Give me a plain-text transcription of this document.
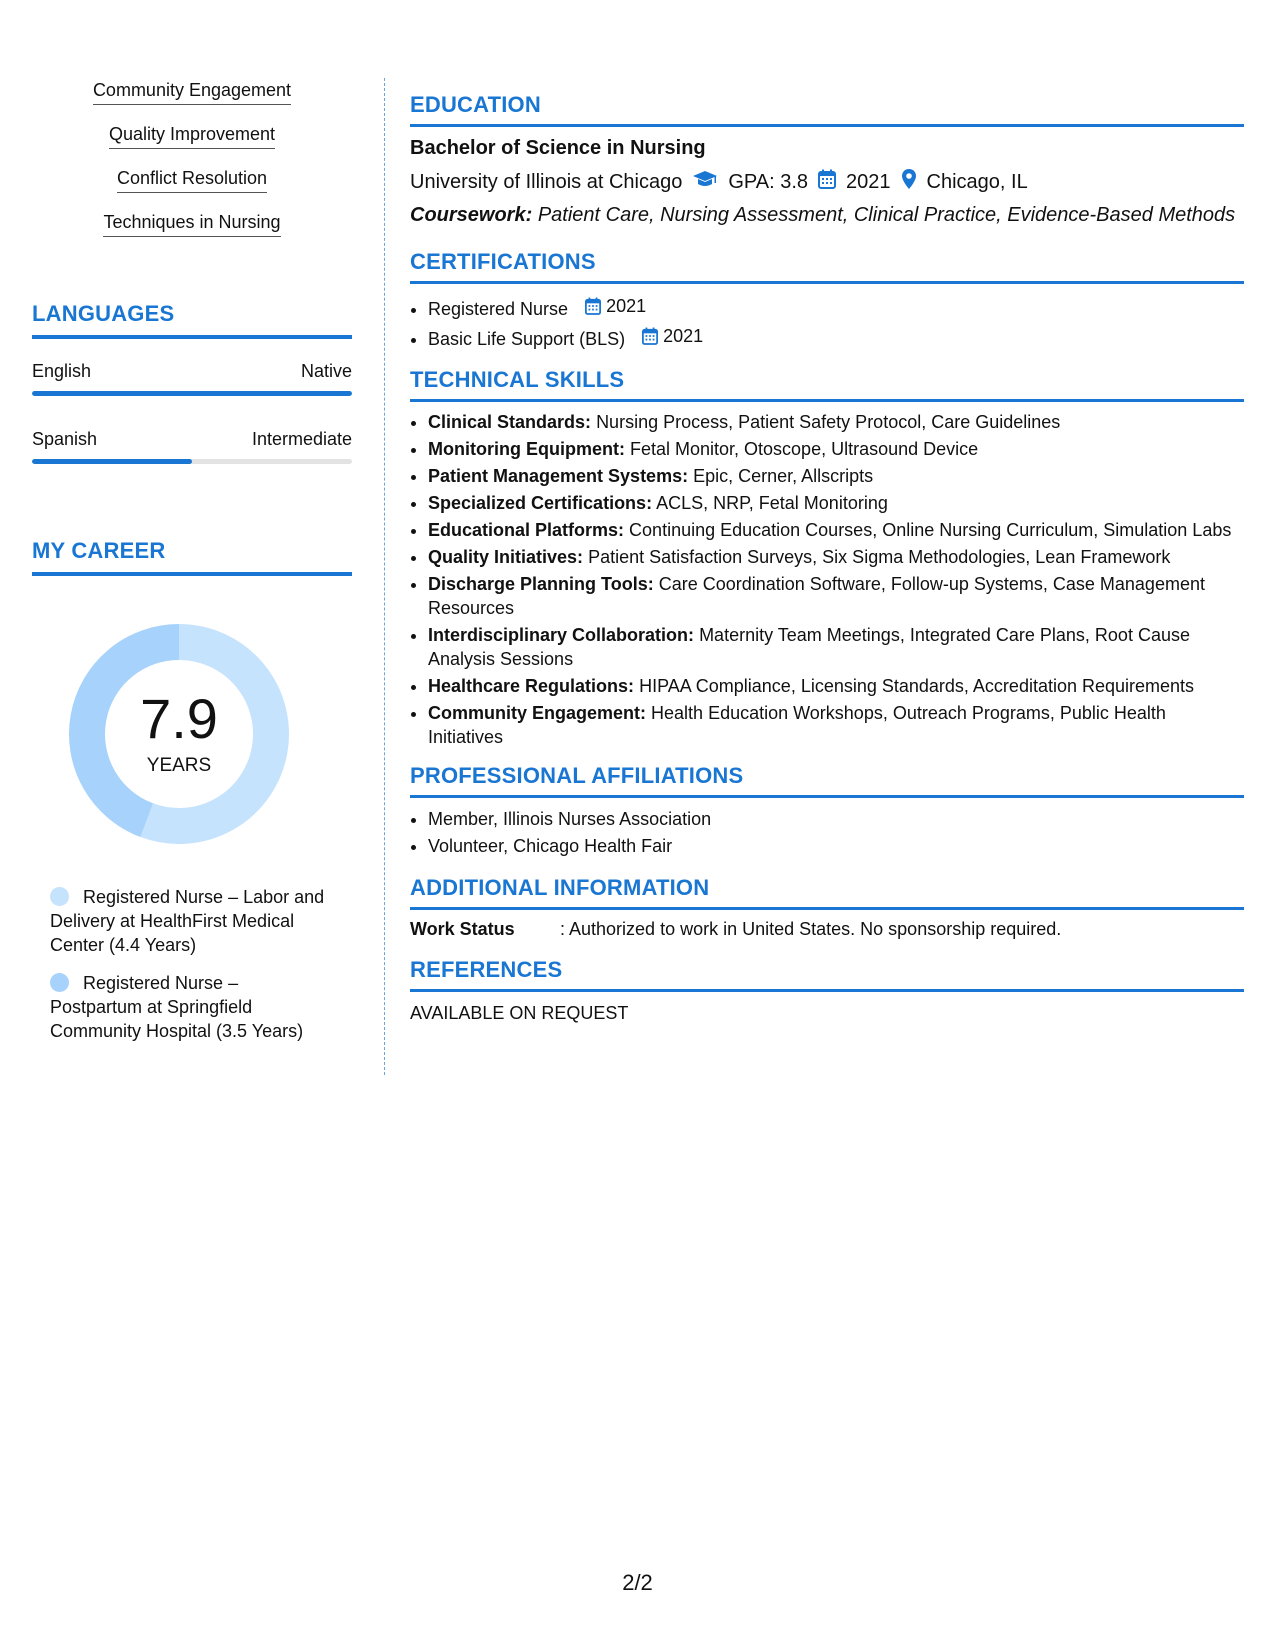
Community Engagement
Quality Improvement
Conflict Resolution
Techniques in Nursing
LANGUAGES
English	Native
Spanish	Intermediate
MY CAREER
7.9
YEARS
Registered Nurse – Labor and Delivery at HealthFirst Medical Center (4.4 Years)
Registered Nurse – Postpartum at Springfield Community Hospital (3.5 Years)
EDUCATION
Bachelor of Science in Nursing
University of Illinois at Chicago GPA: 3.8 2021 Chicago, IL
Coursework: Patient Care, Nursing Assessment, Clinical Practice, Evidence-Based Methods
CERTIFICATIONS
• Registered Nurse 2021
• Basic Life Support (BLS) 2021
TECHNICAL SKILLS
• Clinical Standards: Nursing Process, Patient Safety Protocol, Care Guidelines
• Monitoring Equipment: Fetal Monitor, Otoscope, Ultrasound Device
• Patient Management Systems: Epic, Cerner, Allscripts
• Specialized Certifications: ACLS, NRP, Fetal Monitoring
• Educational Platforms: Continuing Education Courses, Online Nursing Curriculum, Simulation Labs
• Quality Initiatives: Patient Satisfaction Surveys, Six Sigma Methodologies, Lean Framework
• Discharge Planning Tools: Care Coordination Software, Follow-up Systems, Case Management Resources
• Interdisciplinary Collaboration: Maternity Team Meetings, Integrated Care Plans, Root Cause Analysis Sessions
• Healthcare Regulations: HIPAA Compliance, Licensing Standards, Accreditation Requirements
• Community Engagement: Health Education Workshops, Outreach Programs, Public Health Initiatives
PROFESSIONAL AFFILIATIONS
• Member, Illinois Nurses Association
• Volunteer, Chicago Health Fair
ADDITIONAL INFORMATION
Work Status	: Authorized to work in United States. No sponsorship required.
REFERENCES
AVAILABLE ON REQUEST
2/2
